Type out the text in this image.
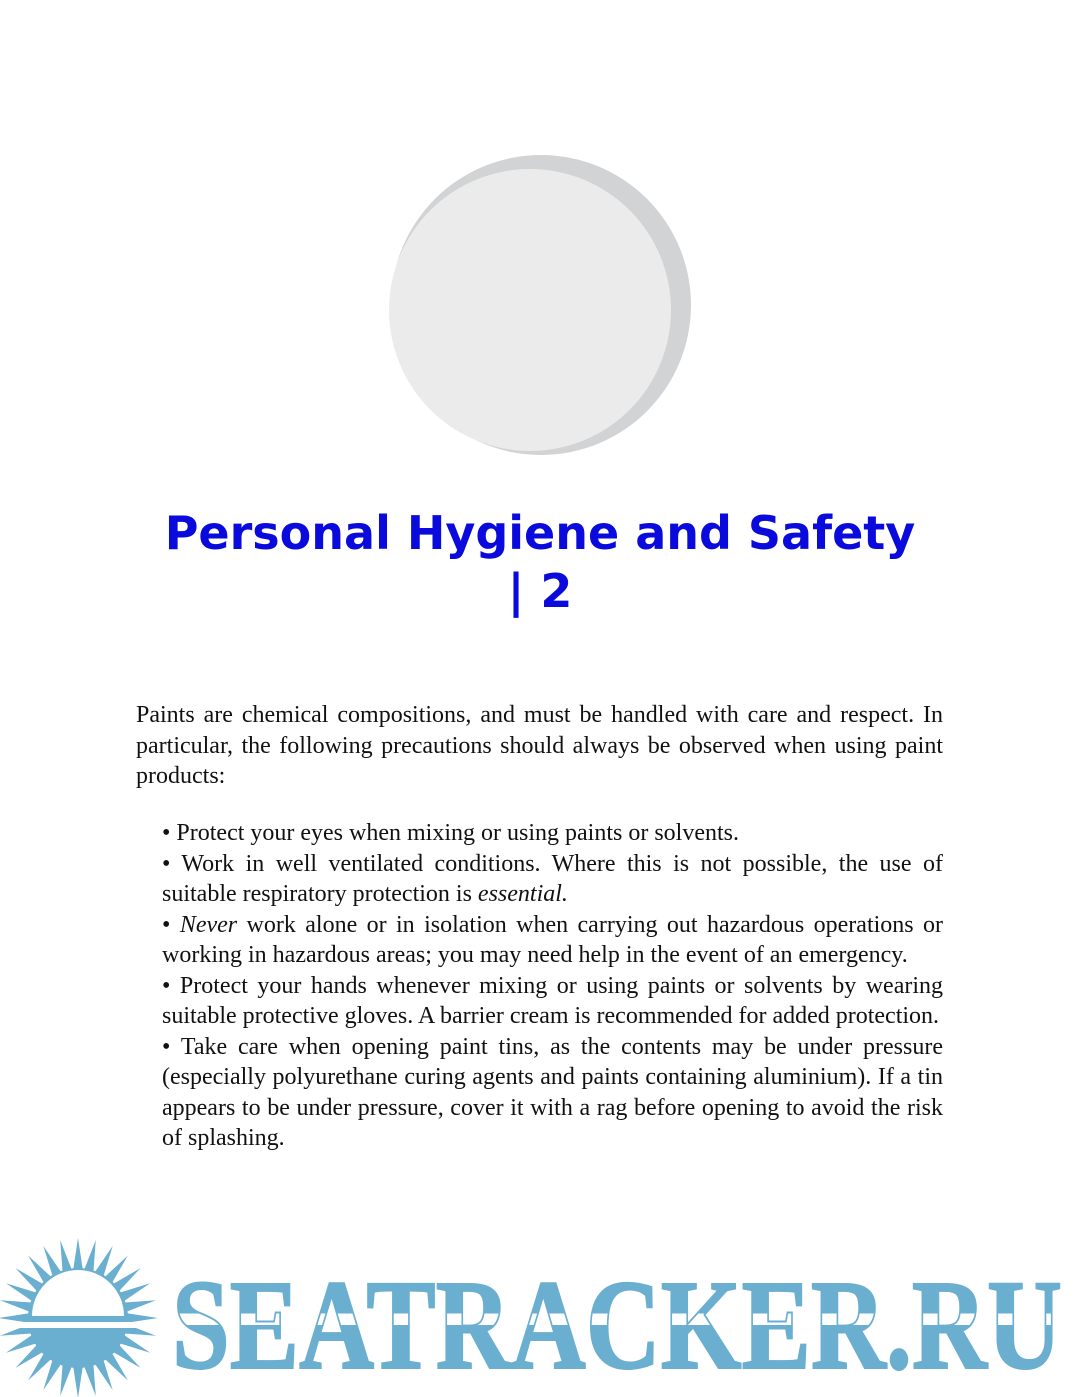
Personal Hygiene and Safety
| 2

Paints are chemical compositions, and must be handled with care and respect. In particular, the following precautions should always be observed when using paint products:

• Protect your eyes when mixing or using paints or solvents.
• Work in well ventilated conditions. Where this is not possible, the use of suitable respiratory protection is essential.
• Never work alone or in isolation when carrying out hazardous operations or working in hazardous areas; you may need help in the event of an emergency.
• Protect your hands whenever mixing or using paints or solvents by wearing suitable protective gloves. A barrier cream is recommended for added protection.
• Take care when opening paint tins, as the contents may be under pressure (especially polyurethane curing agents and paints containing aluminium). If a tin appears to be under pressure, cover it with a rag before opening to avoid the risk of splashing.
SEATRACKER.RU
